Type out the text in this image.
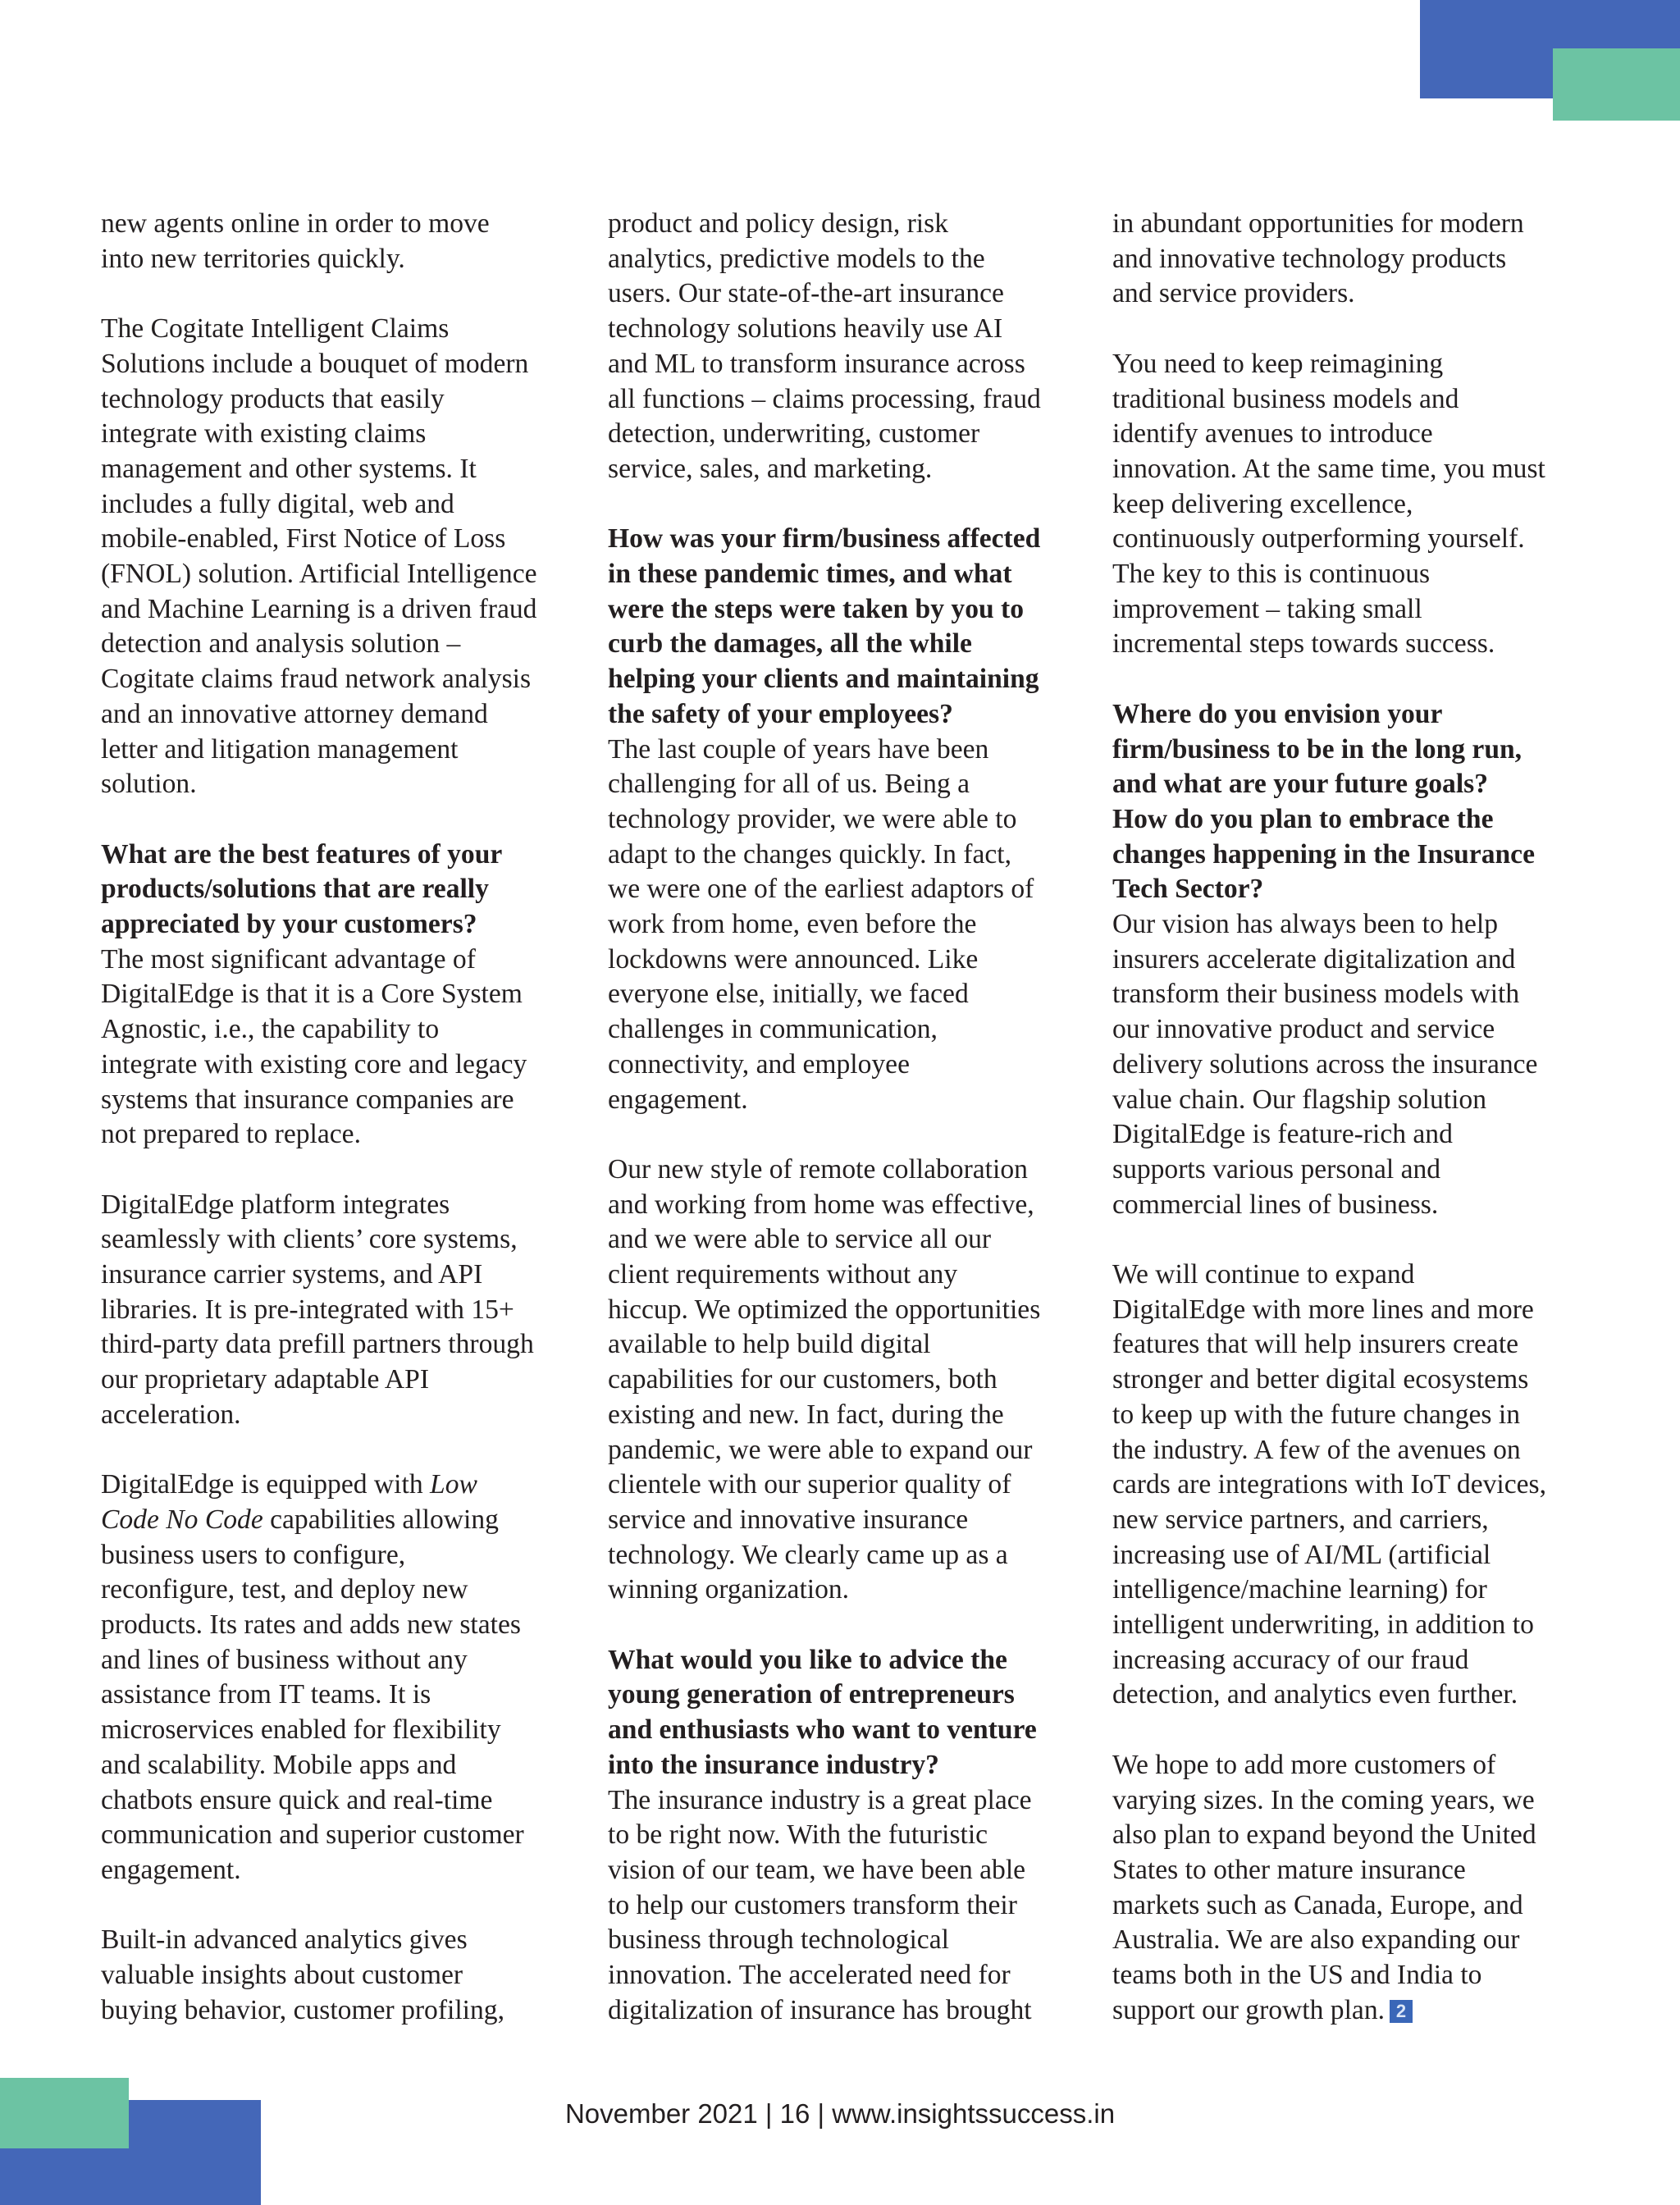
new agents online in order to move
into new territories quickly.
The Cogitate Intelligent Claims
Solutions include a bouquet of modern
technology products that easily
integrate with existing claims
management and other systems. It
includes a fully digital, web and
mobile-enabled, First Notice of Loss
(FNOL) solution. Artificial Intelligence
and Machine Learning is a driven fraud
detection and analysis solution –
Cogitate claims fraud network analysis
and an innovative attorney demand
letter and litigation management
solution.
What are the best features of your
products/solutions that are really
appreciated by your customers?
The most significant advantage of
DigitalEdge is that it is a Core System
Agnostic, i.e., the capability to
integrate with existing core and legacy
systems that insurance companies are
not prepared to replace.
DigitalEdge platform integrates
seamlessly with clients’ core systems,
insurance carrier systems, and API
libraries. It is pre-integrated with 15+
third-party data prefill partners through
our proprietary adaptable API
acceleration.
DigitalEdge is equipped with Low
Code No Code capabilities allowing
business users to configure,
reconfigure, test, and deploy new
products. Its rates and adds new states
and lines of business without any
assistance from IT teams. It is
microservices enabled for flexibility
and scalability. Mobile apps and
chatbots ensure quick and real-time
communication and superior customer
engagement.
Built-in advanced analytics gives
valuable insights about customer
buying behavior, customer profiling,
product and policy design, risk
analytics, predictive models to the
users. Our state-of-the-art insurance
technology solutions heavily use AI
and ML to transform insurance across
all functions – claims processing, fraud
detection, underwriting, customer
service, sales, and marketing.
How was your firm/business affected
in these pandemic times, and what
were the steps were taken by you to
curb the damages, all the while
helping your clients and maintaining
the safety of your employees?
The last couple of years have been
challenging for all of us. Being a
technology provider, we were able to
adapt to the changes quickly. In fact,
we were one of the earliest adaptors of
work from home, even before the
lockdowns were announced. Like
everyone else, initially, we faced
challenges in communication,
connectivity, and employee
engagement.
Our new style of remote collaboration
and working from home was effective,
and we were able to service all our
client requirements without any
hiccup. We optimized the opportunities
available to help build digital
capabilities for our customers, both
existing and new. In fact, during the
pandemic, we were able to expand our
clientele with our superior quality of
service and innovative insurance
technology. We clearly came up as a
winning organization.
What would you like to advice the
young generation of entrepreneurs
and enthusiasts who want to venture
into the insurance industry?
The insurance industry is a great place
to be right now. With the futuristic
vision of our team, we have been able
to help our customers transform their
business through technological
innovation. The accelerated need for
digitalization of insurance has brought
in abundant opportunities for modern
and innovative technology products
and service providers.
You need to keep reimagining
traditional business models and
identify avenues to introduce
innovation. At the same time, you must
keep delivering excellence,
continuously outperforming yourself.
The key to this is continuous
improvement – taking small
incremental steps towards success.
Where do you envision your
firm/business to be in the long run,
and what are your future goals?
How do you plan to embrace the
changes happening in the Insurance
Tech Sector?
Our vision has always been to help
insurers accelerate digitalization and
transform their business models with
our innovative product and service
delivery solutions across the insurance
value chain. Our flagship solution
DigitalEdge is feature-rich and
supports various personal and
commercial lines of business.
We will continue to expand
DigitalEdge with more lines and more
features that will help insurers create
stronger and better digital ecosystems
to keep up with the future changes in
the industry. A few of the avenues on
cards are integrations with IoT devices,
new service partners, and carriers,
increasing use of AI/ML (artificial
intelligence/machine learning) for
intelligent underwriting, in addition to
increasing accuracy of our fraud
detection, and analytics even further.
We hope to add more customers of
varying sizes. In the coming years, we
also plan to expand beyond the United
States to other mature insurance
markets such as Canada, Europe, and
Australia. We are also expanding our
teams both in the US and India to
support our growth plan. 2
November 2021 | 16 | www.insightssuccess.in
